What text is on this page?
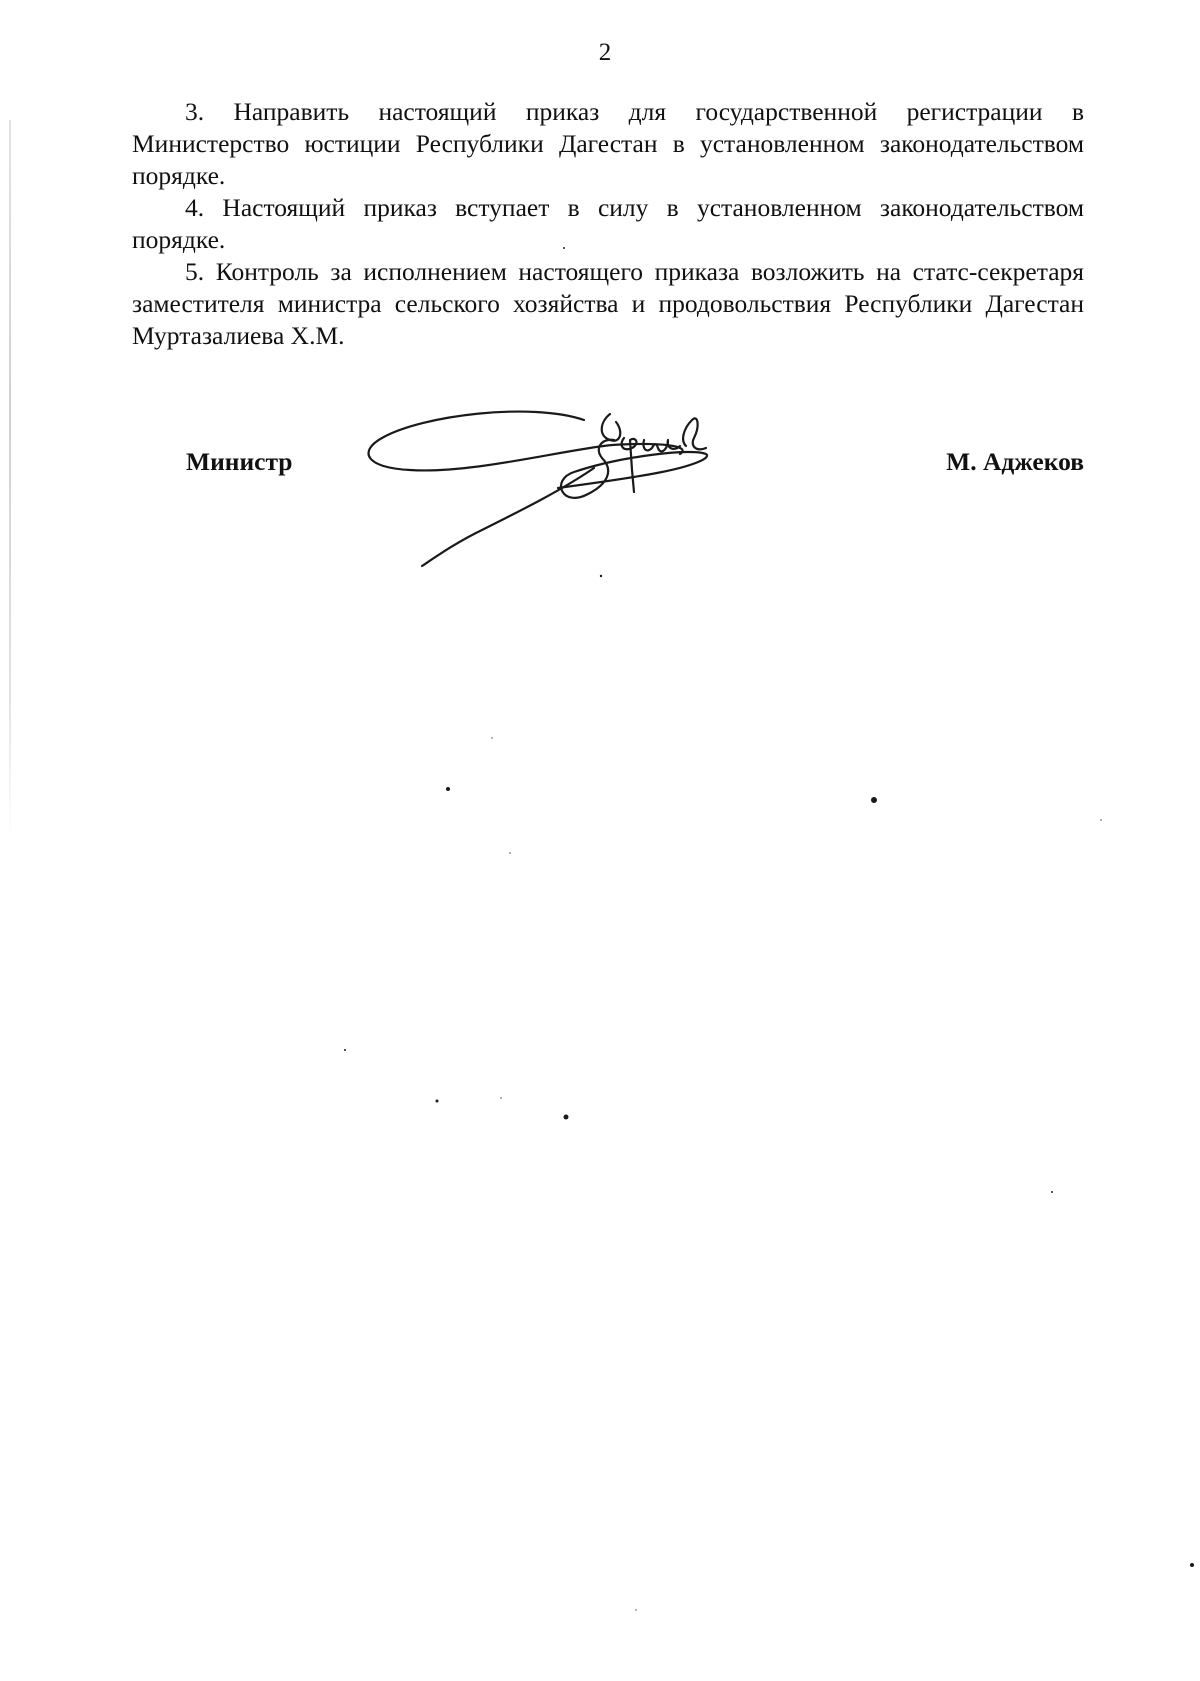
2

3. Направить настоящий приказ для государственной регистрации в Министерство юстиции Республики Дагестан в установленном законодательством порядке.

4. Настоящий приказ вступает в силу в установленном законодательством порядке.

5. Контроль за исполнением настоящего приказа возложить на статс-секретаря заместителя министра сельского хозяйства и продовольствия Республики Дагестан Муртазалиева Х.М.

Министр	М. Аджеков
